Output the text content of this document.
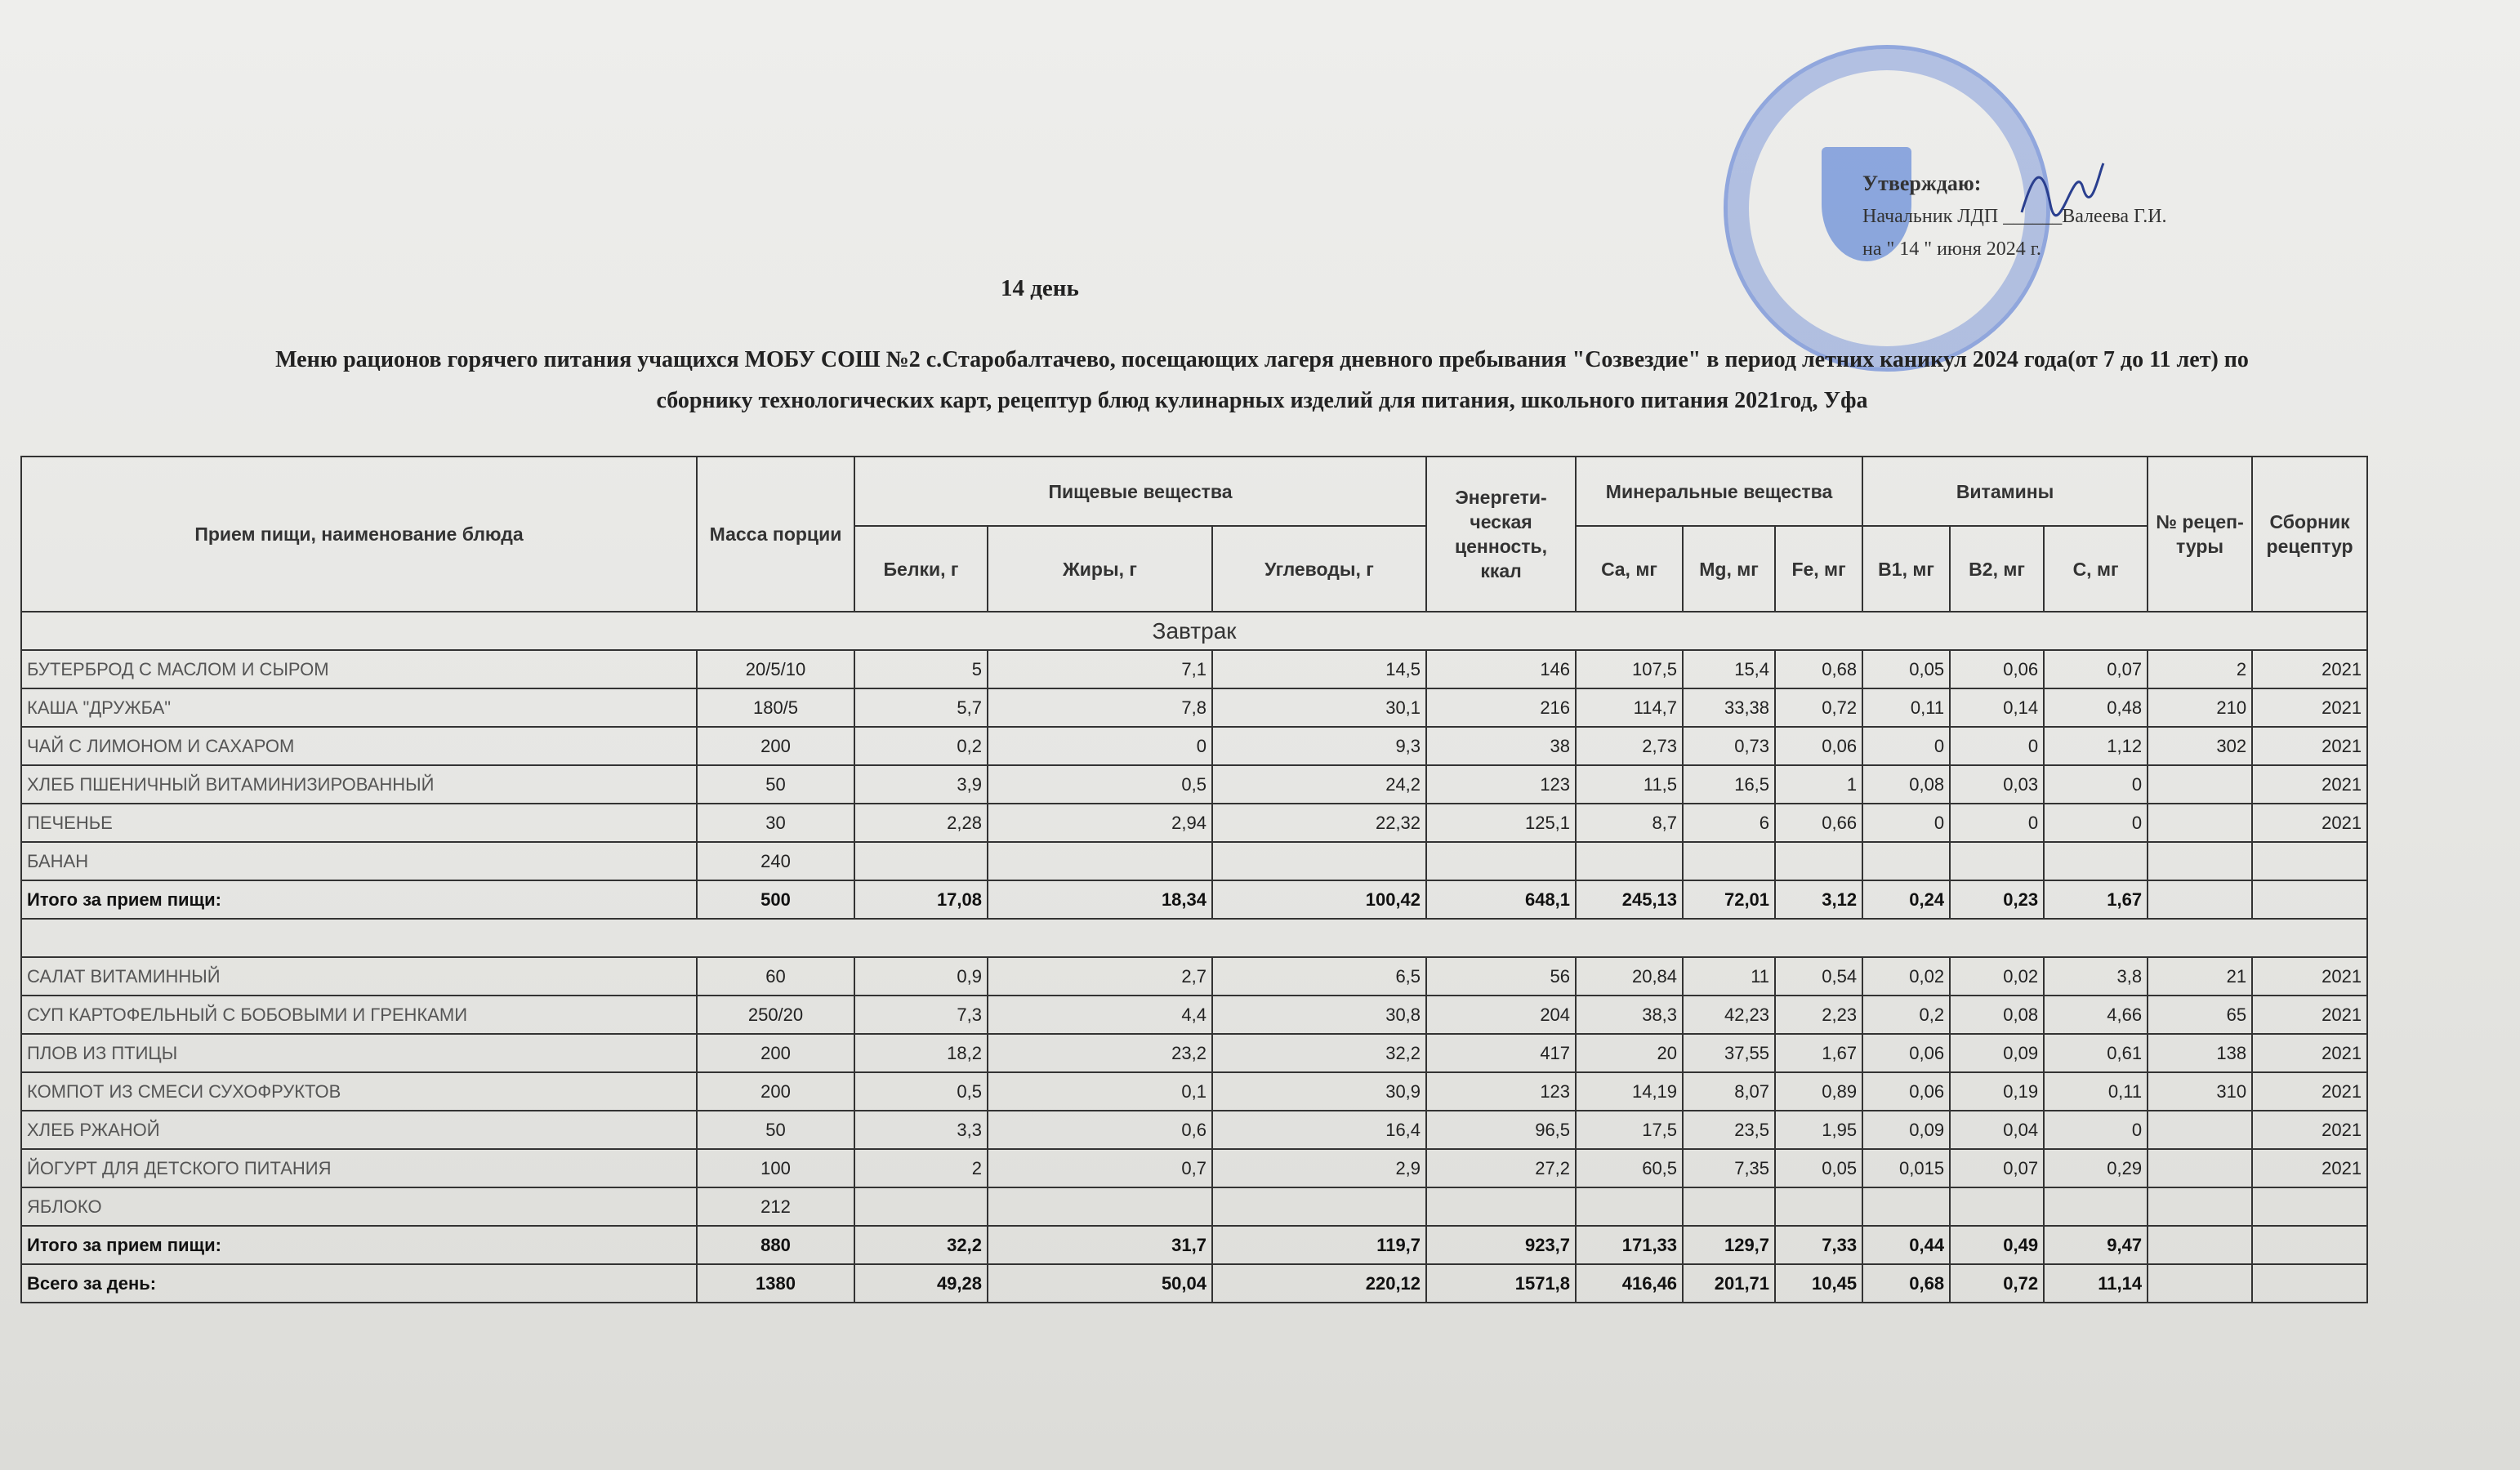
Утверждаю:
Начальник ЛДП ______Валеева Г.И.
на " 14 " июня 2024 г.
14 день
Меню рационов горячего питания учащихся МОБУ СОШ №2 с.Старобалтачево, посещающих лагеря дневного пребывания "Созвездие" в период летних каникул 2024 года(от 7 до 11 лет) по
сборнику технологических карт, рецептур блюд кулинарных изделий для питания, школьного питания 2021год, Уфа
Прием пищи, наименование блюда	Масса порции	Пищевые вещества			Энергети-ческая ценность, ккал	Минеральные вещества			Витамины			№ рецеп-туры	Сборник рецептур
		Белки, г	Жиры, г	Углеводы, г		Ca, мг	Mg, мг	Fe, мг	B1, мг	B2, мг	C, мг		
Завтрак													
БУТЕРБРОД С МАСЛОМ И СЫРОМ	20/5/10	5	7,1	14,5	146	107,5	15,4	0,68	0,05	0,06	0,07	2	2021
КАША "ДРУЖБА"	180/5	5,7	7,8	30,1	216	114,7	33,38	0,72	0,11	0,14	0,48	210	2021
ЧАЙ С ЛИМОНОМ И САХАРОМ	200	0,2	0	9,3	38	2,73	0,73	0,06	0	0	1,12	302	2021
ХЛЕБ ПШЕНИЧНЫЙ ВИТАМИНИЗИРОВАННЫЙ	50	3,9	0,5	24,2	123	11,5	16,5	1	0,08	0,03	0		2021
ПЕЧЕНЬЕ	30	2,28	2,94	22,32	125,1	8,7	6	0,66	0	0	0		2021
БАНАН	240												
Итого за прием пищи:	500	17,08	18,34	100,42	648,1	245,13	72,01	3,12	0,24	0,23	1,67		

САЛАТ ВИТАМИННЫЙ	60	0,9	2,7	6,5	56	20,84	11	0,54	0,02	0,02	3,8	21	2021
СУП КАРТОФЕЛЬНЫЙ С БОБОВЫМИ И ГРЕНКАМИ	250/20	7,3	4,4	30,8	204	38,3	42,23	2,23	0,2	0,08	4,66	65	2021
ПЛОВ ИЗ ПТИЦЫ	200	18,2	23,2	32,2	417	20	37,55	1,67	0,06	0,09	0,61	138	2021
КОМПОТ ИЗ СМЕСИ СУХОФРУКТОВ	200	0,5	0,1	30,9	123	14,19	8,07	0,89	0,06	0,19	0,11	310	2021
ХЛЕБ РЖАНОЙ	50	3,3	0,6	16,4	96,5	17,5	23,5	1,95	0,09	0,04	0		2021
ЙОГУРТ ДЛЯ ДЕТСКОГО ПИТАНИЯ	100	2	0,7	2,9	27,2	60,5	7,35	0,05	0,015	0,07	0,29		2021
ЯБЛОКО	212												
Итого за прием пищи:	880	32,2	31,7	119,7	923,7	171,33	129,7	7,33	0,44	0,49	9,47		
Всего за день:	1380	49,28	50,04	220,12	1571,8	416,46	201,71	10,45	0,68	0,72	11,14		
